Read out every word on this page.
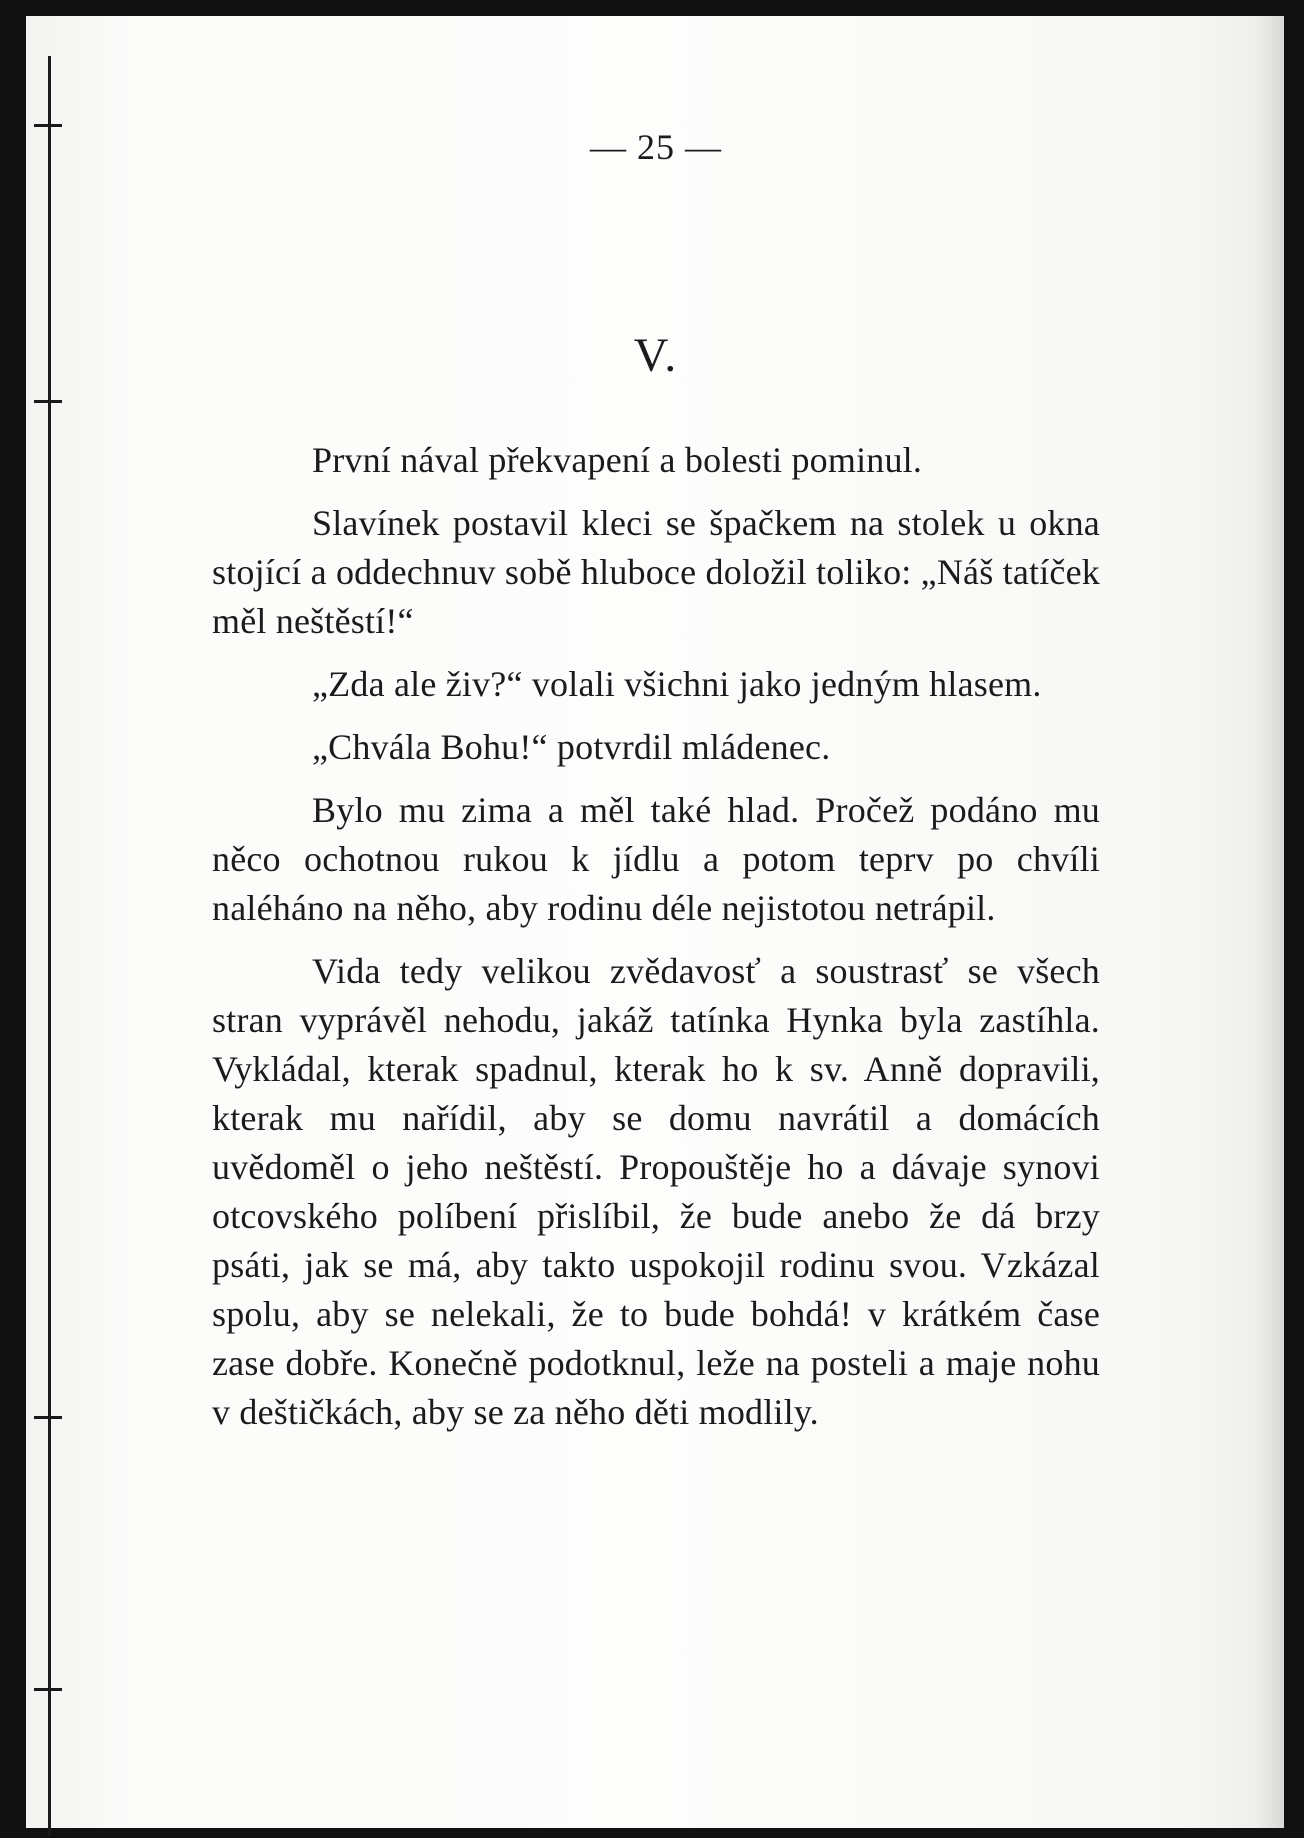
— 25 —
V.

První nával překvapení a bolesti pominul.

Slavínek postavil kleci se špačkem na stolek u okna stojící a oddechnuv sobě hluboce doložil toliko: „Náš tatíček měl neštěstí!“

„Zda ale živ?“ volali všichni jako jedným hlasem.

„Chvála Bohu!“ potvrdil mládenec.

Bylo mu zima a měl také hlad. Pročež podáno mu něco ochotnou rukou k jídlu a potom teprv po chvíli naléháno na něho, aby rodinu déle nejistotou netrápil.

Vida tedy velikou zvědavosť a soustrasť se všech stran vyprávěl nehodu, jakáž tatínka Hynka byla zastíhla. Vykládal, kterak spadnul, kterak ho k sv. Anně dopravili, kterak mu nařídil, aby se domu navrátil a domácích uvědoměl o jeho neštěstí. Propouštěje ho a dávaje synovi otcovského políbení přislíbil, že bude anebo že dá brzy psáti, jak se má, aby takto uspokojil rodinu svou. Vzkázal spolu, aby se nelekali, že to bude bohdá! v krátkém čase zase dobře. Konečně podotknul, leže na posteli a maje nohu v deštičkách, aby se za něho děti modlily.
